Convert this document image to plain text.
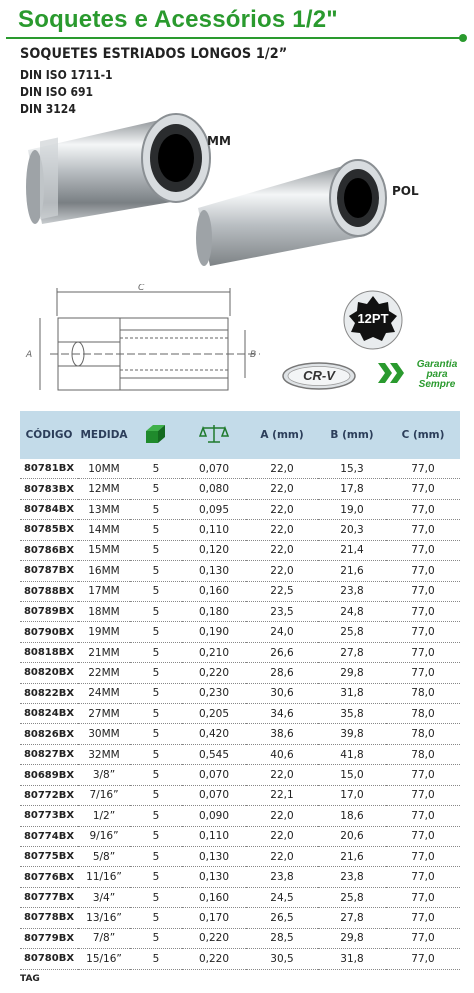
Soquetes e Acessórios 1/2"
SOQUETES ESTRIADOS LONGOS 1/2”
DIN ISO 1711-1
DIN ISO 691
DIN 3124
MM
POL
C
A	B
12PT
CR-V
Garantia
para
Sempre
CÓDIGO	MEDIDA			A (mm)	B (mm)	C (mm)
80781BX	10MM	5	0,070	22,0	15,3	77,0
80783BX	12MM	5	0,080	22,0	17,8	77,0
80784BX	13MM	5	0,095	22,0	19,0	77,0
80785BX	14MM	5	0,110	22,0	20,3	77,0
80786BX	15MM	5	0,120	22,0	21,4	77,0
80787BX	16MM	5	0,130	22,0	21,6	77,0
80788BX	17MM	5	0,160	22,5	23,8	77,0
80789BX	18MM	5	0,180	23,5	24,8	77,0
80790BX	19MM	5	0,190	24,0	25,8	77,0
80818BX	21MM	5	0,210	26,6	27,8	77,0
80820BX	22MM	5	0,220	28,6	29,8	77,0
80822BX	24MM	5	0,230	30,6	31,8	78,0
80824BX	27MM	5	0,205	34,6	35,8	78,0
80826BX	30MM	5	0,420	38,6	39,8	78,0
80827BX	32MM	5	0,545	40,6	41,8	78,0
80689BX	3/8”	5	0,070	22,0	15,0	77,0
80772BX	7/16”	5	0,070	22,1	17,0	77,0
80773BX	1/2”	5	0,090	22,0	18,6	77,0
80774BX	9/16”	5	0,110	22,0	20,6	77,0
80775BX	5/8”	5	0,130	22,0	21,6	77,0
80776BX	11/16”	5	0,130	23,8	23,8	77,0
80777BX	3/4”	5	0,160	24,5	25,8	77,0
80778BX	13/16”	5	0,170	26,5	27,8	77,0
80779BX	7/8”	5	0,220	28,5	29,8	77,0
80780BX	15/16”	5	0,220	30,5	31,8	77,0
TAG
